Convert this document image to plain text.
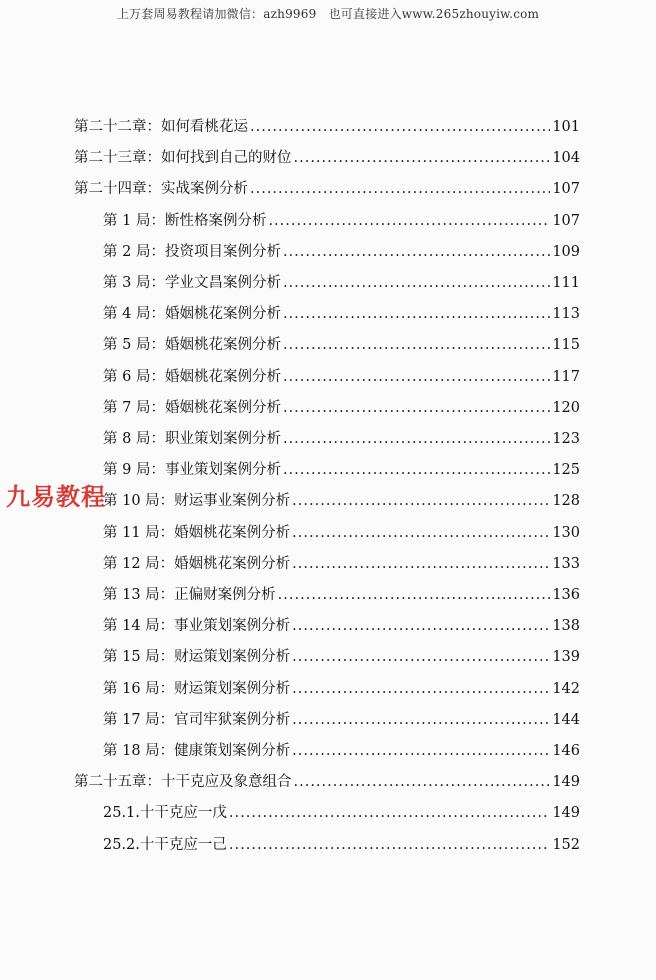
上万套周易教程请加微信：azh9969　也可直接进入www.265zhouyiw.com
第二十二章：如何看桃花运 .....	101
第二十三章：如何找到自己的财位 .....	104
第二十四章：实战案例分析 .....	107
第 1 局：断性格案例分析 .....	107
第 2 局：投资项目案例分析 .....	109
第 3 局：学业文昌案例分析 .....	111
第 4 局：婚姻桃花案例分析 .....	113
第 5 局：婚姻桃花案例分析 .....	115
第 6 局：婚姻桃花案例分析 .....	117
第 7 局：婚姻桃花案例分析 .....	120
第 8 局：职业策划案例分析 .....	123
第 9 局：事业策划案例分析 .....	125
第 10 局：财运事业案例分析 .....	128
第 11 局：婚姻桃花案例分析 .....	130
第 12 局：婚姻桃花案例分析 .....	133
第 13 局：正偏财案例分析 .....	136
第 14 局：事业策划案例分析 .....	138
第 15 局：财运策划案例分析 .....	139
第 16 局：财运策划案例分析 .....	142
第 17 局：官司牢狱案例分析 .....	144
第 18 局：健康策划案例分析 .....	146
第二十五章：十干克应及象意组合 .....	149
25.1.十干克应一戊 .....	149
25.2.十干克应一己 .....	152
九易教程
